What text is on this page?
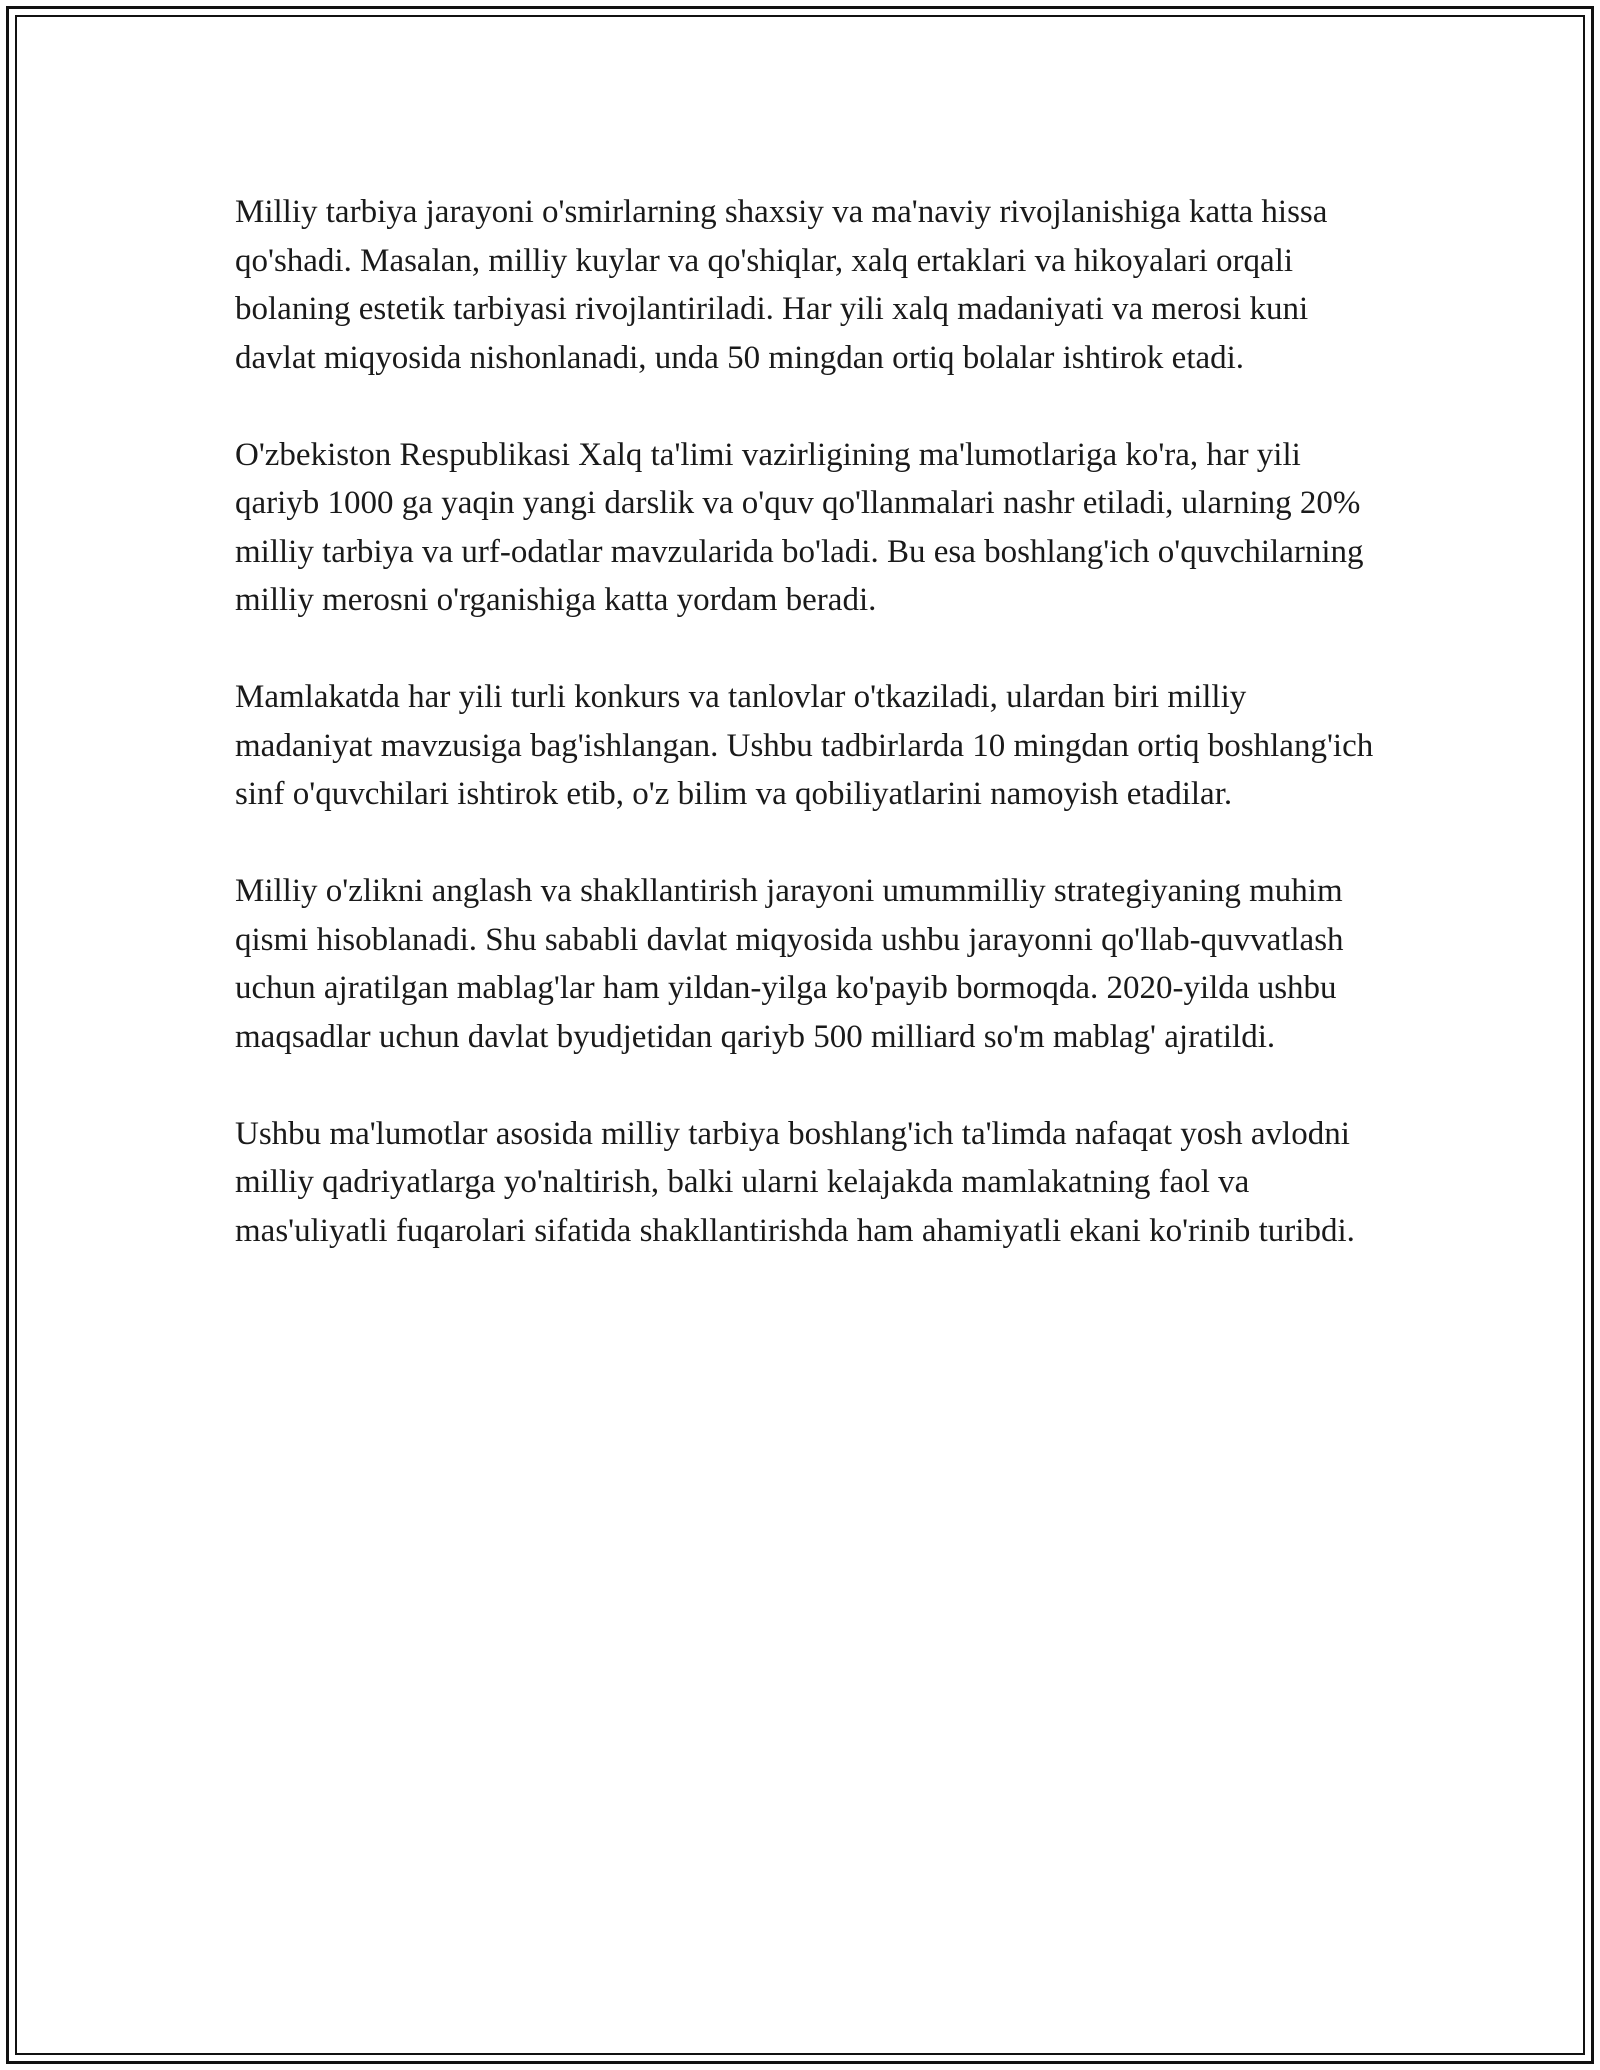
Milliy tarbiya jarayoni o'smirlarning shaxsiy va ma'naviy rivojlanishiga katta hissa qo'shadi. Masalan, milliy kuylar va qo'shiqlar, xalq ertaklari va hikoyalari orqali bolaning estetik tarbiyasi rivojlantiriladi. Har yili xalq madaniyati va merosi kuni davlat miqyosida nishonlanadi, unda 50 mingdan ortiq bolalar ishtirok etadi.

O'zbekiston Respublikasi Xalq ta'limi vazirligining ma'lumotlariga ko'ra, har yili qariyb 1000 ga yaqin yangi darslik va o'quv qo'llanmalari nashr etiladi, ularning 20% milliy tarbiya va urf-odatlar mavzularida bo'ladi. Bu esa boshlang'ich o'quvchilarning milliy merosni o'rganishiga katta yordam beradi.

Mamlakatda har yili turli konkurs va tanlovlar o'tkaziladi, ulardan biri milliy madaniyat mavzusiga bag'ishlangan. Ushbu tadbirlarda 10 mingdan ortiq boshlang'ich sinf o'quvchilari ishtirok etib, o'z bilim va qobiliyatlarini namoyish etadilar.

Milliy o'zlikni anglash va shakllantirish jarayoni umummilliy strategiyaning muhim qismi hisoblanadi. Shu sababli davlat miqyosida ushbu jarayonni qo'llab-quvvatlash uchun ajratilgan mablag'lar ham yildan-yilga ko'payib bormoqda. 2020-yilda ushbu maqsadlar uchun davlat byudjetidan qariyb 500 milliard so'm mablag' ajratildi.

Ushbu ma'lumotlar asosida milliy tarbiya boshlang'ich ta'limda nafaqat yosh avlodni milliy qadriyatlarga yo'naltirish, balki ularni kelajakda mamlakatning faol va mas'uliyatli fuqarolari sifatida shakllantirishda ham ahamiyatli ekani ko'rinib turibdi.
